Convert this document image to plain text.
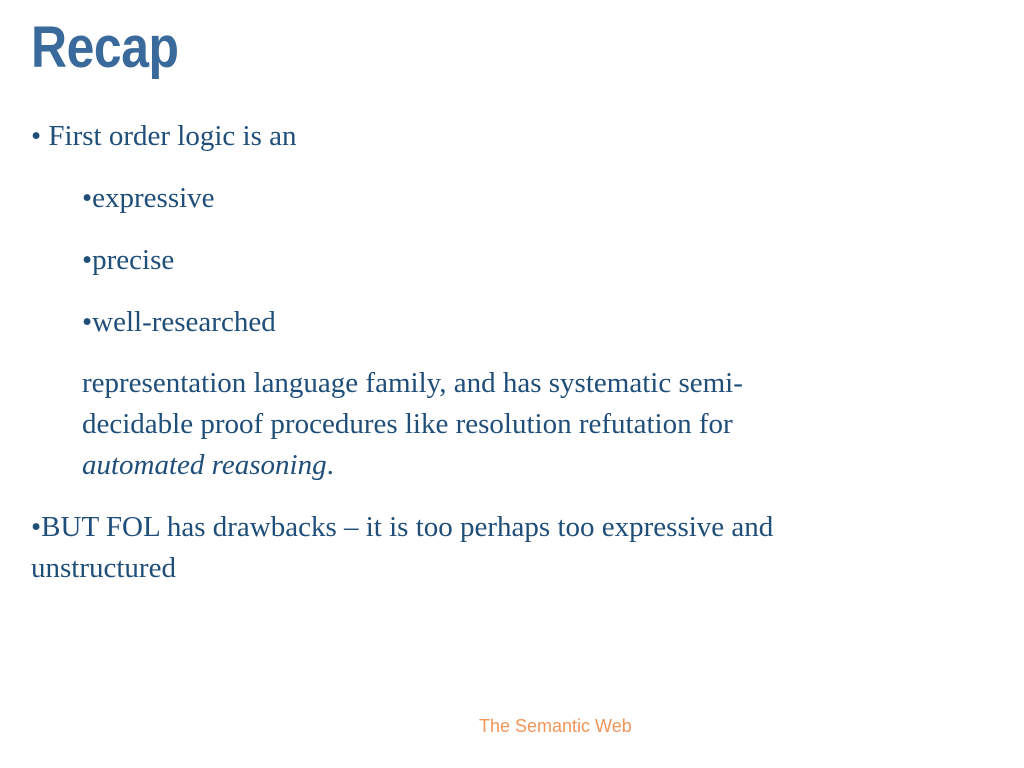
Recap

• First order logic is an

•expressive

•precise

•well-researched

representation language family, and has systematic semi-
decidable proof procedures like resolution refutation for
automated reasoning.
•BUT FOL has drawbacks – it is too perhaps too expressive and
unstructured
The Semantic Web
